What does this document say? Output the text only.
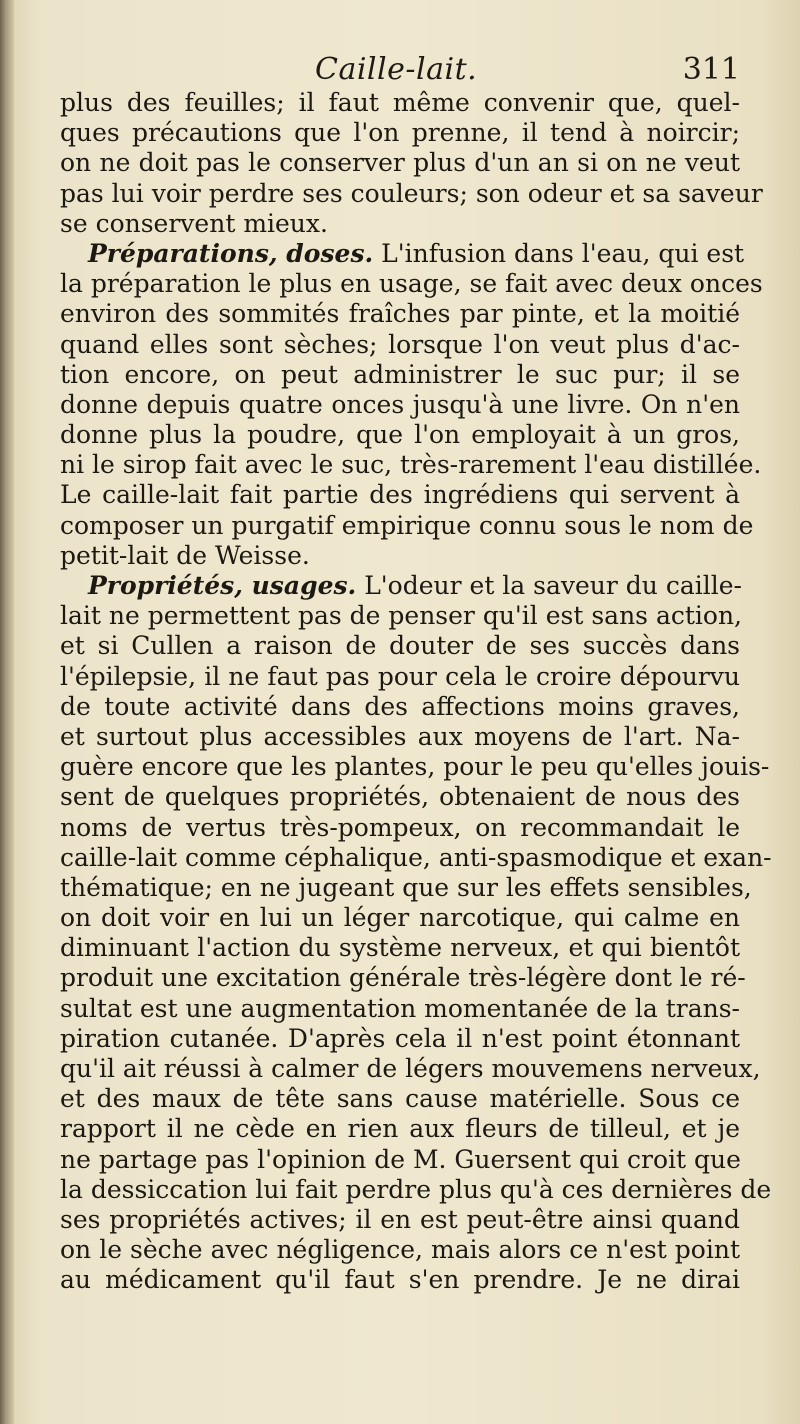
Caille-lait.	311
plus des feuilles; il faut même convenir que, quel-
ques précautions que l'on prenne, il tend à noircir;
on ne doit pas le conserver plus d'un an si on ne veut
pas lui voir perdre ses couleurs; son odeur et sa saveur
se conservent mieux.
Préparations, doses. L'infusion dans l'eau, qui est
la préparation le plus en usage, se fait avec deux onces
environ des sommités fraîches par pinte, et la moitié
quand elles sont sèches; lorsque l'on veut plus d'ac-
tion encore, on peut administrer le suc pur; il se
donne depuis quatre onces jusqu'à une livre. On n'en
donne plus la poudre, que l'on employait à un gros,
ni le sirop fait avec le suc, très-rarement l'eau distillée.
Le caille-lait fait partie des ingrédiens qui servent à
composer un purgatif empirique connu sous le nom de
petit-lait de Weisse.
Propriétés, usages. L'odeur et la saveur du caille-
lait ne permettent pas de penser qu'il est sans action,
et si Cullen a raison de douter de ses succès dans
l'épilepsie, il ne faut pas pour cela le croire dépourvu
de toute activité dans des affections moins graves,
et surtout plus accessibles aux moyens de l'art. Na-
guère encore que les plantes, pour le peu qu'elles jouis-
sent de quelques propriétés, obtenaient de nous des
noms de vertus très-pompeux, on recommandait le
caille-lait comme céphalique, anti-spasmodique et exan-
thématique; en ne jugeant que sur les effets sensibles,
on doit voir en lui un léger narcotique, qui calme en
diminuant l'action du système nerveux, et qui bientôt
produit une excitation générale très-légère dont le ré-
sultat est une augmentation momentanée de la trans-
piration cutanée. D'après cela il n'est point étonnant
qu'il ait réussi à calmer de légers mouvemens nerveux,
et des maux de tête sans cause matérielle. Sous ce
rapport il ne cède en rien aux fleurs de tilleul, et je
ne partage pas l'opinion de M. Guersent qui croit que
la dessiccation lui fait perdre plus qu'à ces dernières de
ses propriétés actives; il en est peut-être ainsi quand
on le sèche avec négligence, mais alors ce n'est point
au médicament qu'il faut s'en prendre. Je ne dirai
